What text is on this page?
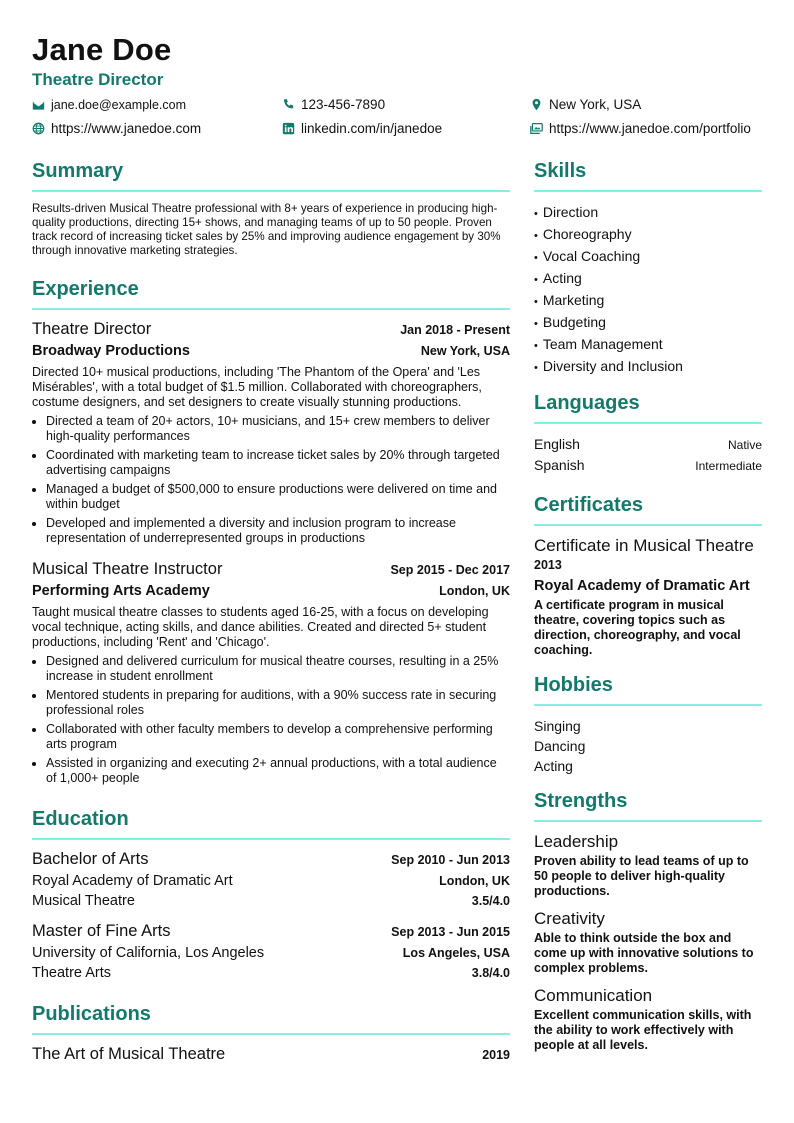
Jane Doe
Theatre Director
jane.doe@example.com	123-456-7890	New York, USA
https://www.janedoe.com	linkedin.com/in/janedoe	https://www.janedoe.com/portfolio
Summary
Results-driven Musical Theatre professional with 8+ years of experience in producing high-quality productions, directing 15+ shows, and managing teams of up to 50 people. Proven track record of increasing ticket sales by 25% and improving audience engagement by 30% through innovative marketing strategies.
Experience
Theatre Director	Jan 2018 - Present
Broadway Productions	New York, USA
Directed 10+ musical productions, including 'The Phantom of the Opera' and 'Les Misérables', with a total budget of $1.5 million. Collaborated with choreographers, costume designers, and set designers to create visually stunning productions.
• Directed a team of 20+ actors, 10+ musicians, and 15+ crew members to deliver high-quality performances
• Coordinated with marketing team to increase ticket sales by 20% through targeted advertising campaigns
• Managed a budget of $500,000 to ensure productions were delivered on time and within budget
• Developed and implemented a diversity and inclusion program to increase representation of underrepresented groups in productions
Musical Theatre Instructor	Sep 2015 - Dec 2017
Performing Arts Academy	London, UK
Taught musical theatre classes to students aged 16-25, with a focus on developing vocal technique, acting skills, and dance abilities. Created and directed 5+ student productions, including 'Rent' and 'Chicago'.
• Designed and delivered curriculum for musical theatre courses, resulting in a 25% increase in student enrollment
• Mentored students in preparing for auditions, with a 90% success rate in securing professional roles
• Collaborated with other faculty members to develop a comprehensive performing arts program
• Assisted in organizing and executing 2+ annual productions, with a total audience of 1,000+ people
Education
Bachelor of Arts	Sep 2010 - Jun 2013
Royal Academy of Dramatic Art	London, UK
Musical Theatre	3.5/4.0
Master of Fine Arts	Sep 2013 - Jun 2015
University of California, Los Angeles	Los Angeles, USA
Theatre Arts	3.8/4.0
Publications
The Art of Musical Theatre	2019
Skills
• Direction
• Choreography
• Vocal Coaching
• Acting
• Marketing
• Budgeting
• Team Management
• Diversity and Inclusion
Languages
English	Native
Spanish	Intermediate
Certificates
Certificate in Musical Theatre
2013
Royal Academy of Dramatic Art
A certificate program in musical theatre, covering topics such as direction, choreography, and vocal coaching.
Hobbies
Singing
Dancing
Acting
Strengths
Leadership
Proven ability to lead teams of up to 50 people to deliver high-quality productions.
Creativity
Able to think outside the box and come up with innovative solutions to complex problems.
Communication
Excellent communication skills, with the ability to work effectively with people at all levels.
